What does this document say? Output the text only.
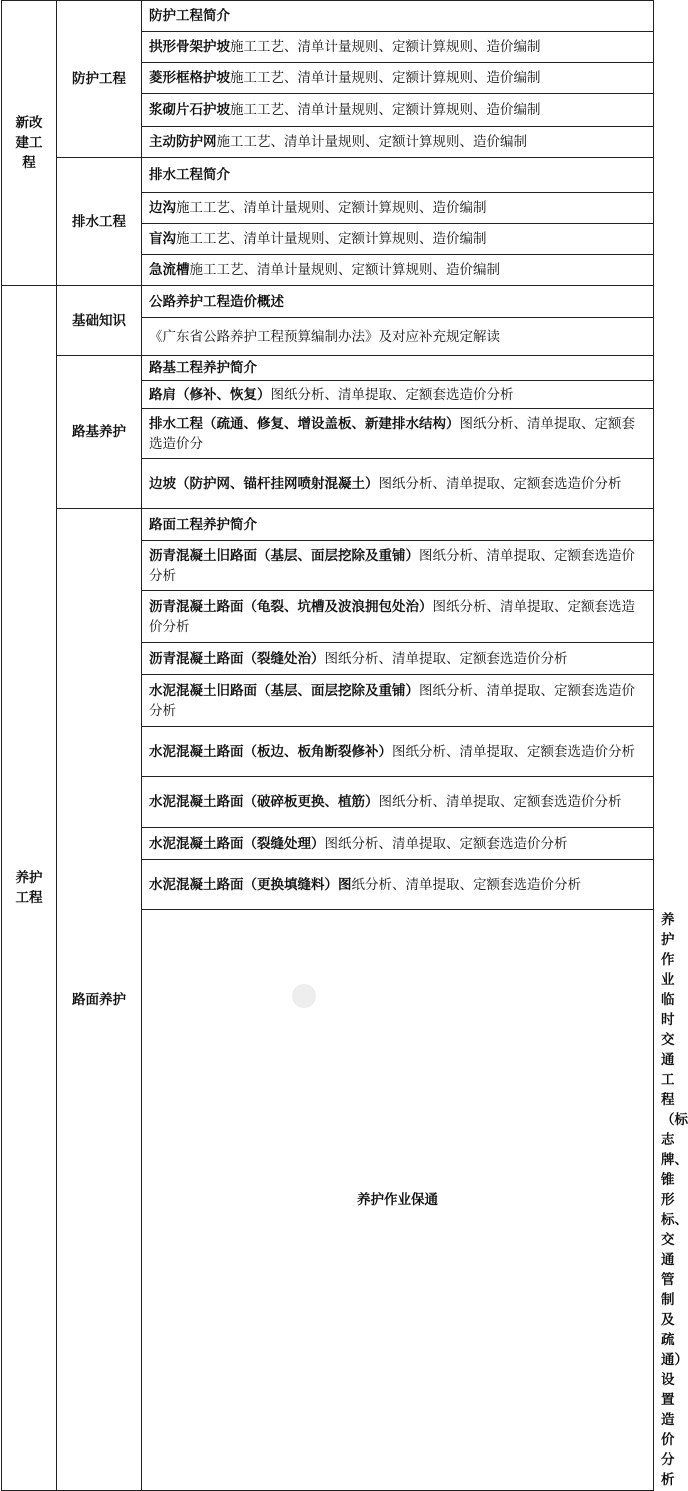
新改建工程	防护工程	防护工程简介	
		拱形骨架护坡施工工艺、清单计量规则、定额计算规则、造价编制	
		菱形框格护坡施工工艺、清单计量规则、定额计算规则、造价编制	
		浆砌片石护坡施工工艺、清单计量规则、定额计算规则、造价编制	
		主动防护网施工工艺、清单计量规则、定额计算规则、造价编制	
	排水工程	排水工程简介	
		边沟施工工艺、清单计量规则、定额计算规则、造价编制	
		盲沟施工工艺、清单计量规则、定额计算规则、造价编制	
		急流槽施工工艺、清单计量规则、定额计算规则、造价编制	
养护工程	基础知识	公路养护工程造价概述	
		《广东省公路养护工程预算编制办法》及对应补充规定解读	
	路基养护	路基工程养护简介	
		路肩（修补、恢复）图纸分析、清单提取、定额套选造价分析	
		排水工程（疏通、修复、增设盖板、新建排水结构）图纸分析、清单提取、定额套选造价分	
		边坡（防护网、锚杆挂网喷射混凝土）图纸分析、清单提取、定额套选造价分析	
	路面养护	路面工程养护简介	
		沥青混凝土旧路面（基层、面层挖除及重铺）图纸分析、清单提取、定额套选造价分析	
		沥青混凝土路面（龟裂、坑槽及波浪拥包处治）图纸分析、清单提取、定额套选造价分析	
		沥青混凝土路面（裂缝处治）图纸分析、清单提取、定额套选造价分析	
		水泥混凝土旧路面（基层、面层挖除及重铺）图纸分析、清单提取、定额套选造价分析	
		水泥混凝土路面（板边、板角断裂修补）图纸分析、清单提取、定额套选造价分析	
		水泥混凝土路面（破碎板更换、植筋）图纸分析、清单提取、定额套选造价分析	
		水泥混凝土路面（裂缝处理）图纸分析、清单提取、定额套选造价分析	
		水泥混凝土路面（更换填缝料）图纸分析、清单提取、定额套选造价分析	
		养护作业保通	养护作业临时交通工程（标志牌、锥形标、交通管制及疏通）设置造价分析
